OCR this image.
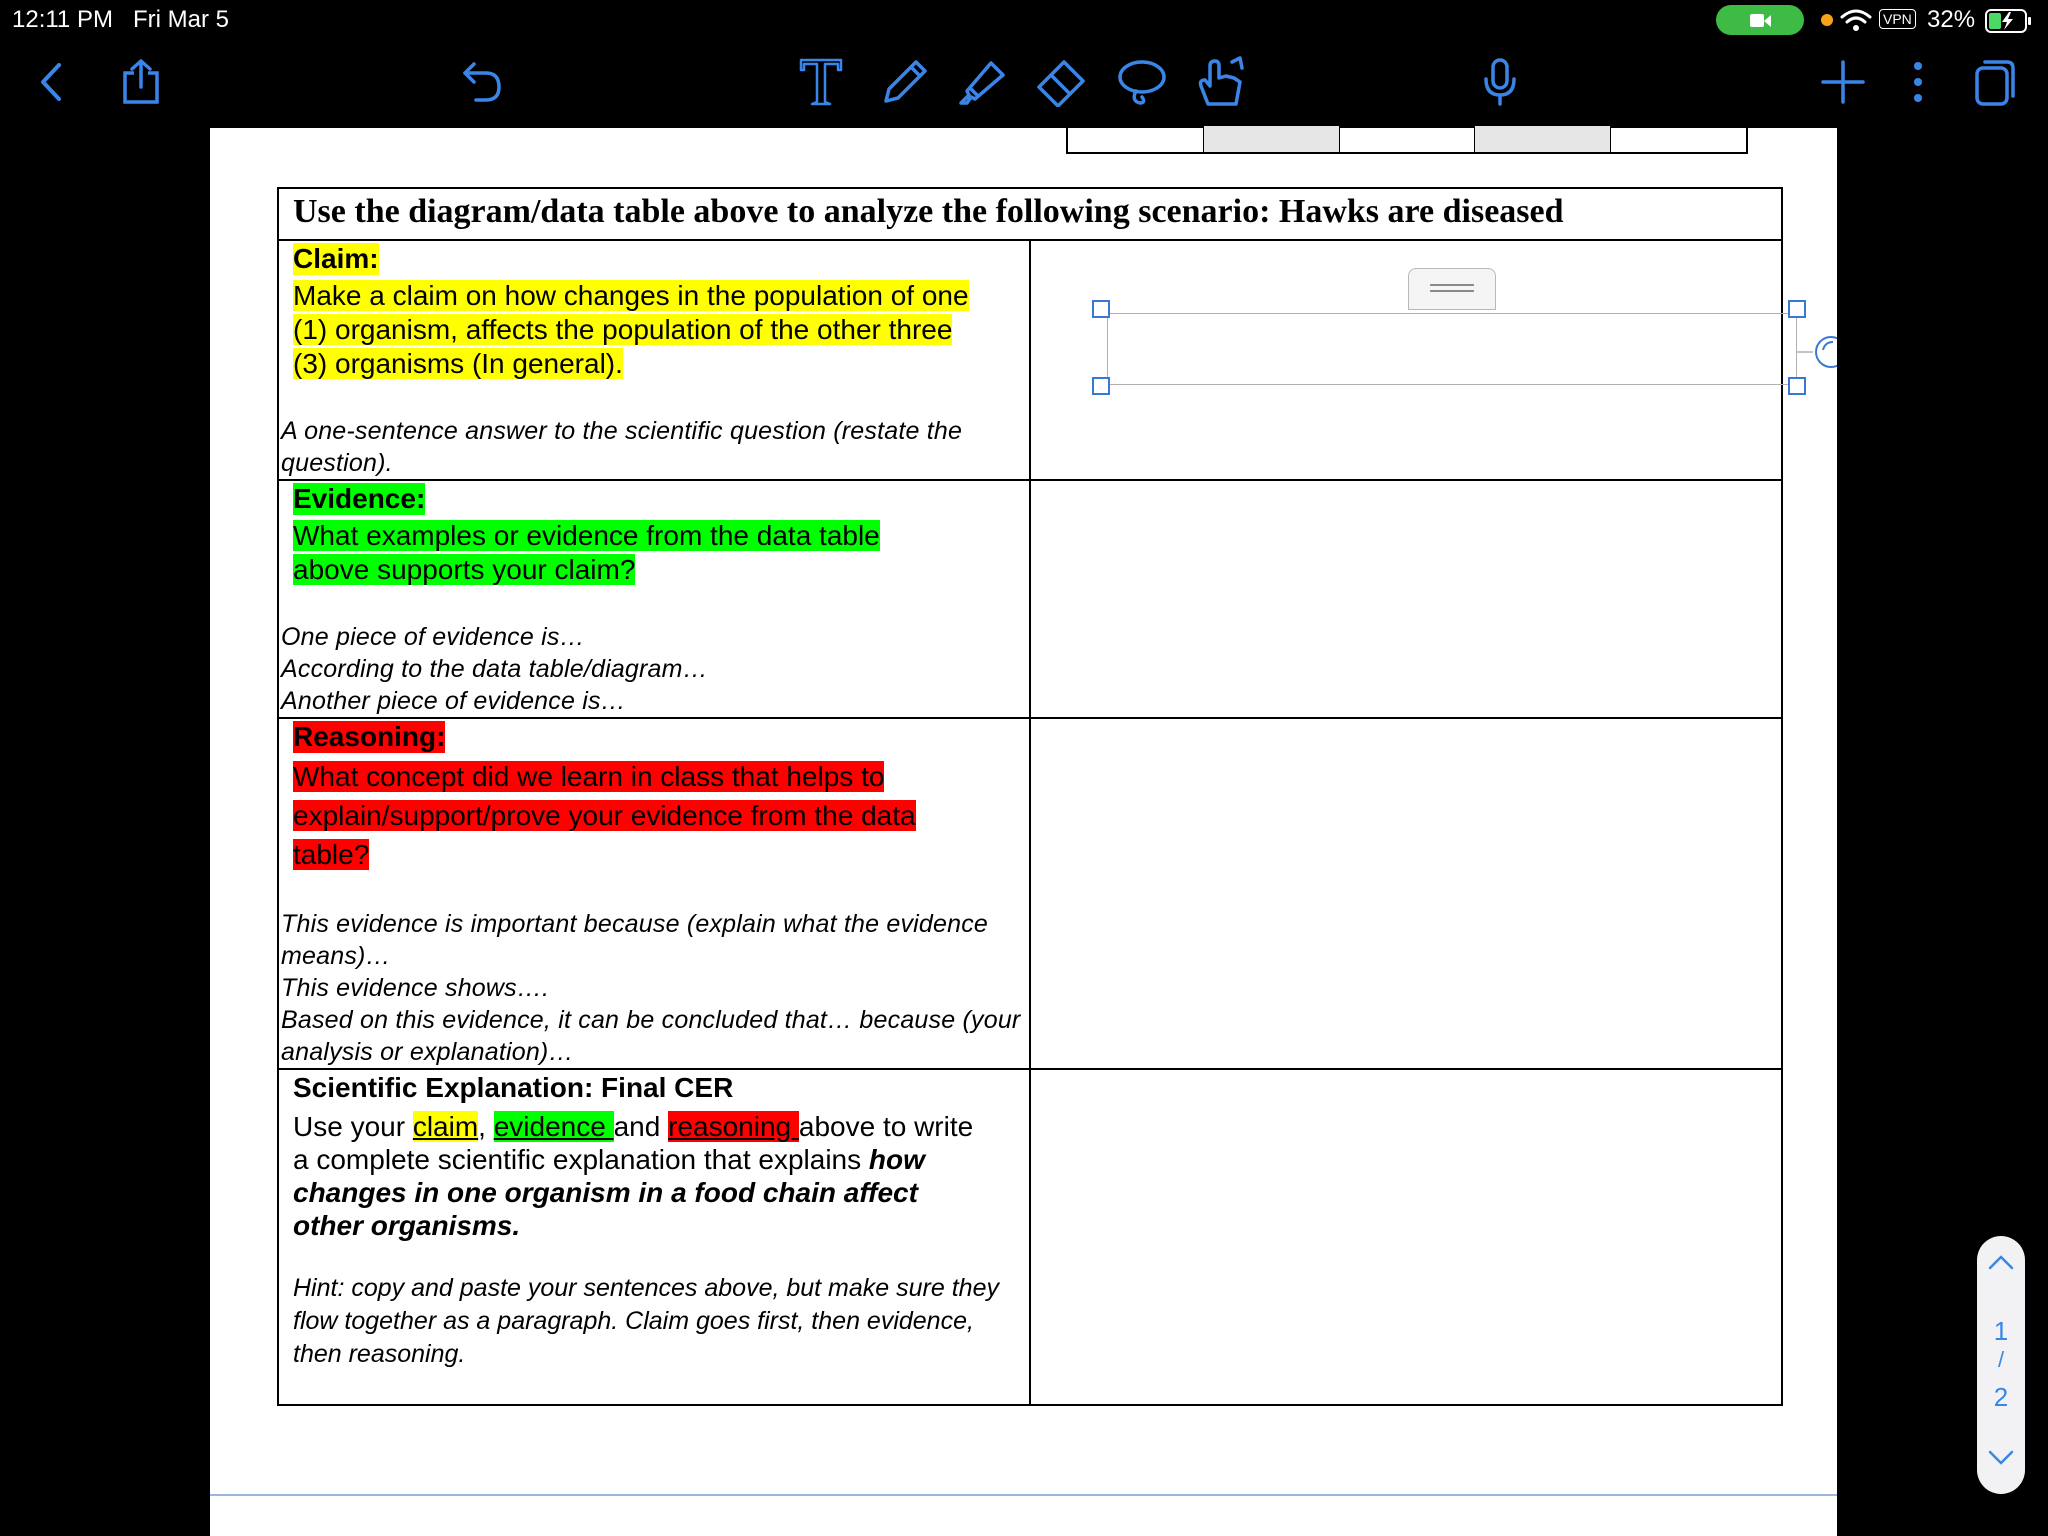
12:11 PM Fri Mar 5	VPN 32%
Use the diagram/data table above to analyze the following scenario: Hawks are diseased	
Claim:
Make a claim on how changes in the population of one (1) organism, affects the population of the other three (3) organisms (In general).

A one-sentence answer to the scientific question (restate the question).	

Evidence:
What examples or evidence from the data table above supports your claim?

One piece of evidence is…

According to the data table/diagram…

Another piece of evidence is…	

Reasoning:
What concept did we learn in class that helps to explain/support/prove your evidence from the data table?

This evidence is important because (explain what the evidence means)…

This evidence shows….

Based on this evidence, it can be concluded that… because (your analysis or explanation)…	

Scientific Explanation: Final CER
Use your claim, evidence and reasoning above to write a complete scientific explanation that explains how changes in one organism in a food chain affect other organisms.
Hint: copy and paste your sentences above, but make sure they flow together as a paragraph. Claim goes first, then evidence, then reasoning.	

1
/
2
